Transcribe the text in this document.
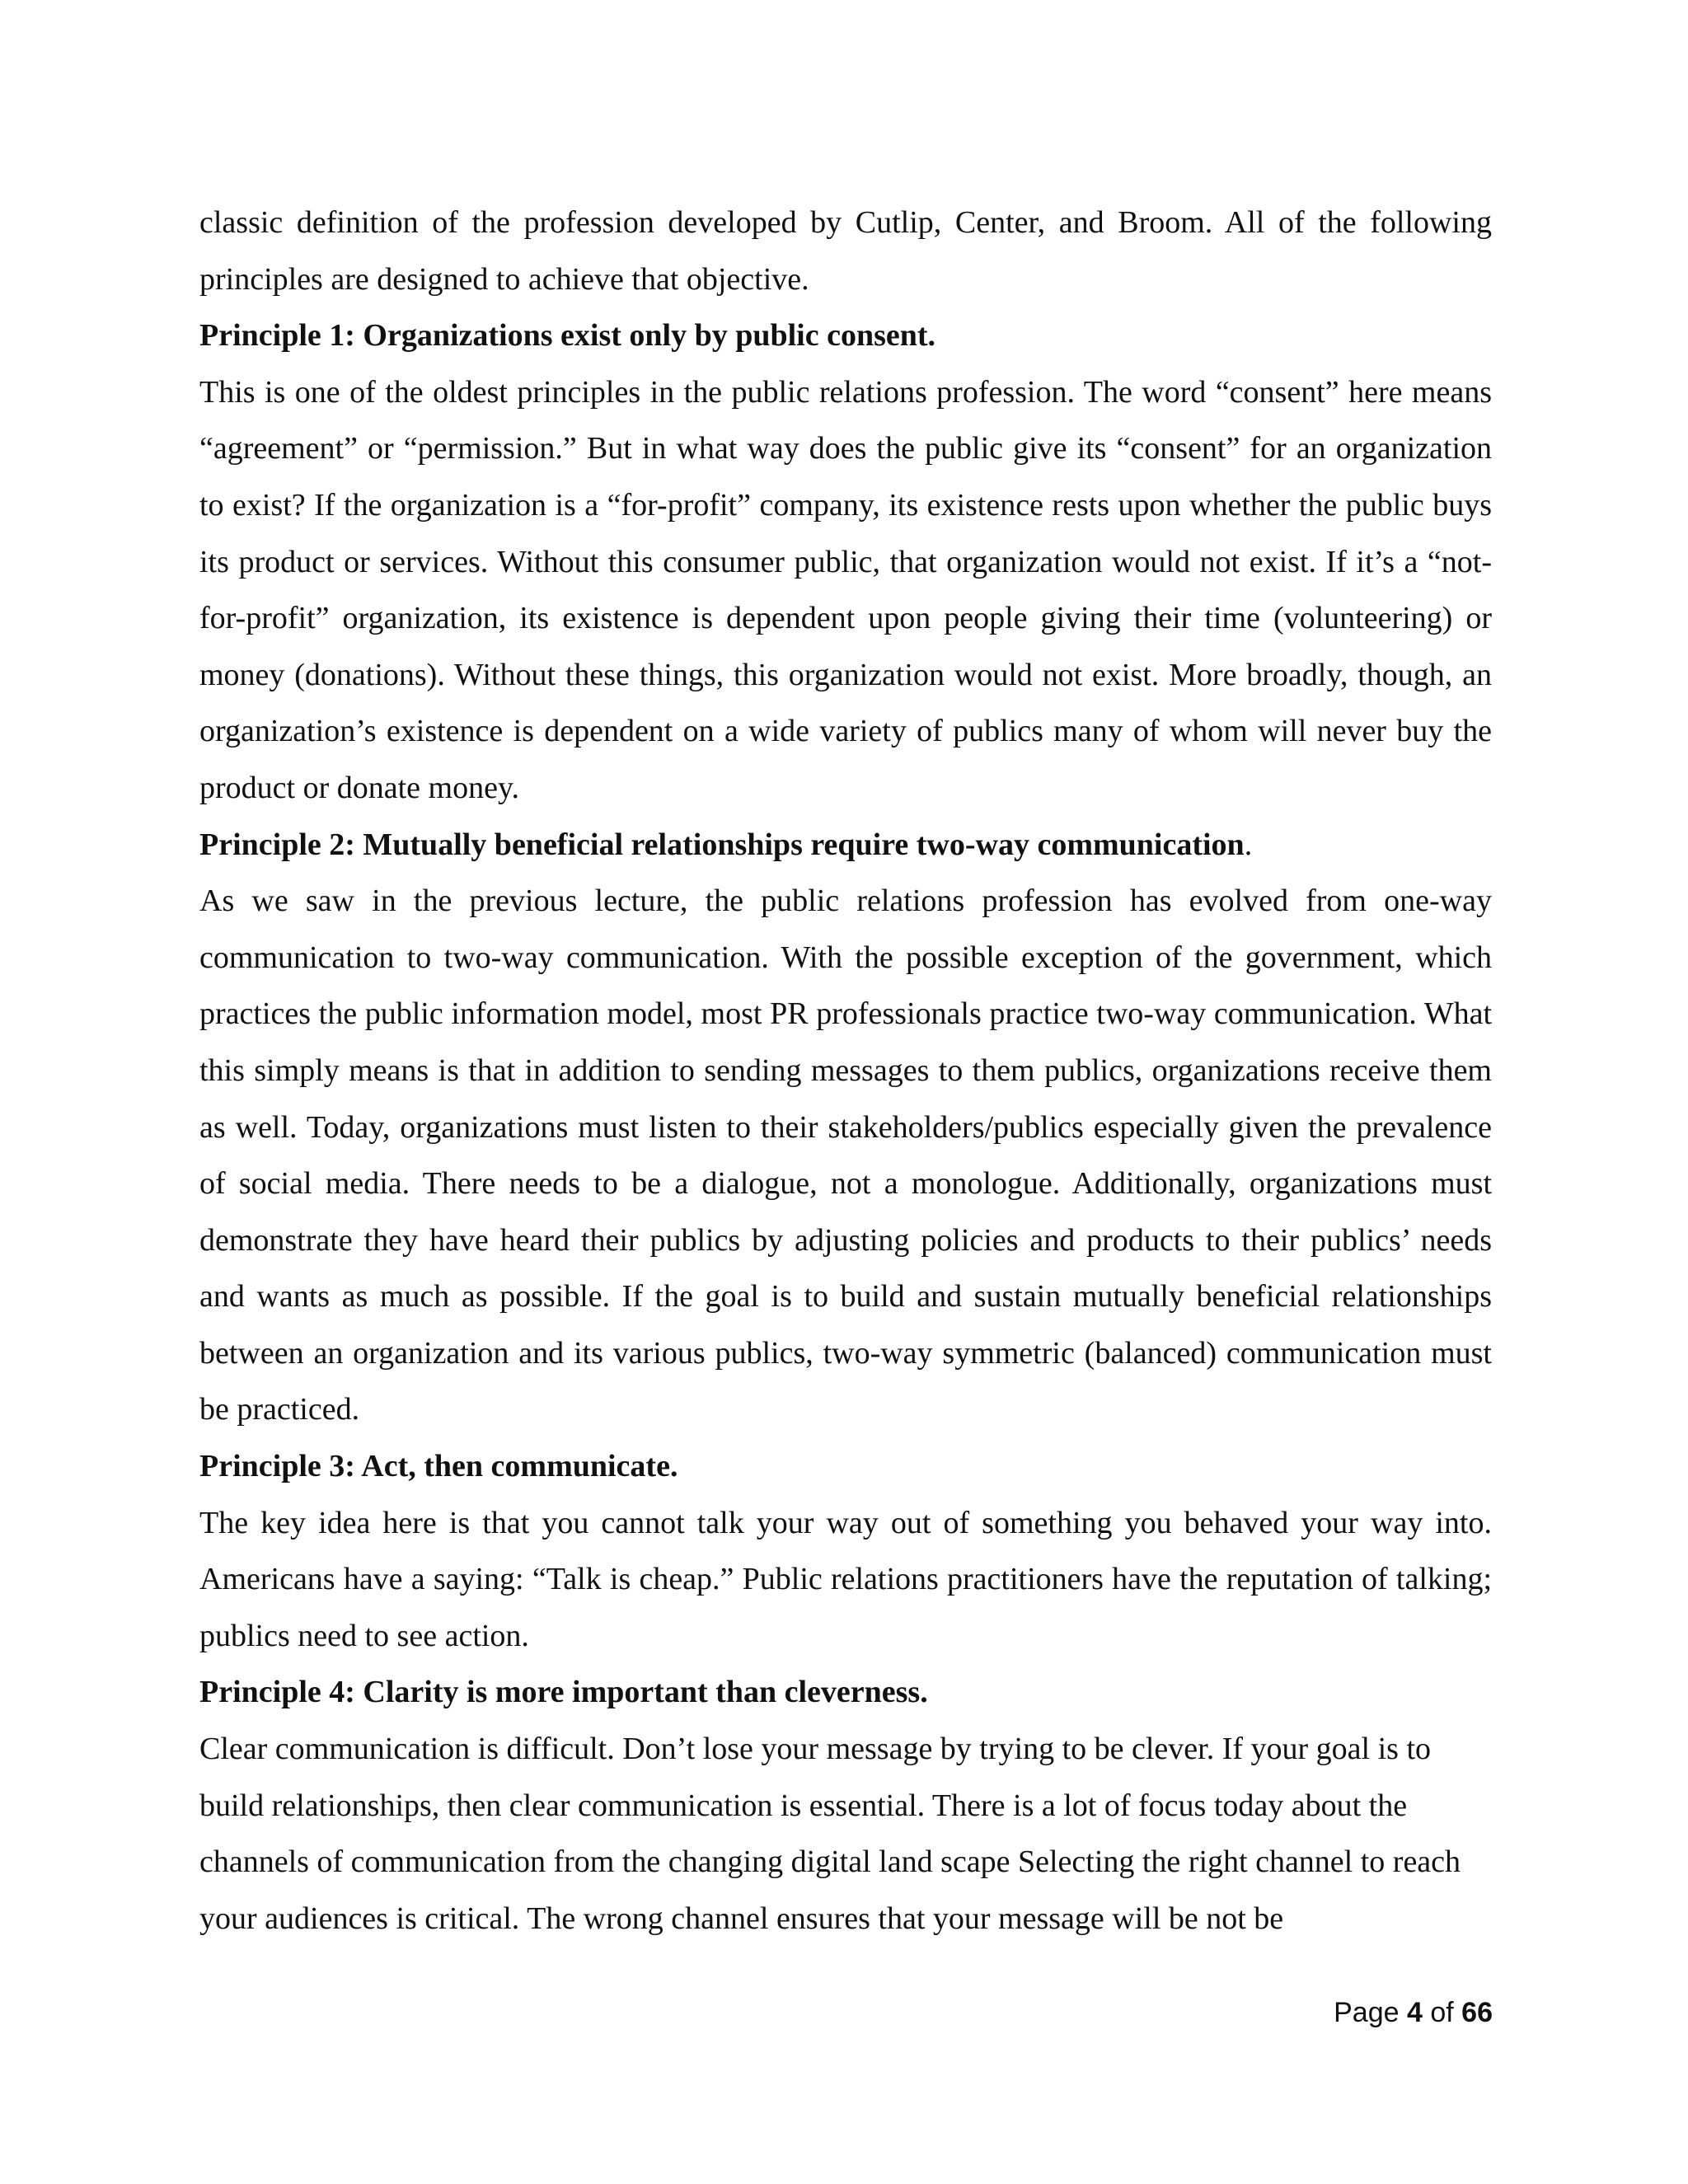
classic definition of the profession developed by Cutlip, Center, and Broom. All of the following principles are designed to achieve that objective.

Principle 1: Organizations exist only by public consent.

This is one of the oldest principles in the public relations profession. The word “consent” here means “agreement” or “permission.” But in what way does the public give its “consent” for an organization to exist? If the organization is a “for-profit” company, its existence rests upon whether the public buys its product or services. Without this consumer public, that organization would not exist. If it’s a “not-for-profit” organization, its existence is dependent upon people giving their time (volunteering) or money (donations). Without these things, this organization would not exist. More broadly, though, an organization’s existence is dependent on a wide variety of publics many of whom will never buy the product or donate money.

Principle 2: Mutually beneficial relationships require two-way communication.

As we saw in the previous lecture, the public relations profession has evolved from one-way communication to two-way communication. With the possible exception of the government, which practices the public information model, most PR professionals practice two-way communication. What this simply means is that in addition to sending messages to them publics, organizations receive them as well. Today, organizations must listen to their stakeholders/publics especially given the prevalence of social media. There needs to be a dialogue, not a monologue. Additionally, organizations must demonstrate they have heard their publics by adjusting policies and products to their publics’ needs and wants as much as possible. If the goal is to build and sustain mutually beneficial relationships between an organization and its various publics, two-way symmetric (balanced) communication must be practiced.

Principle 3: Act, then communicate.

The key idea here is that you cannot talk your way out of something you behaved your way into. Americans have a saying: “Talk is cheap.” Public relations practitioners have the reputation of talking; publics need to see action.

Principle 4: Clarity is more important than cleverness.

Clear communication is difficult. Don’t lose your message by trying to be clever. If your goal is to build relationships, then clear communication is essential. There is a lot of focus today about the channels of communication from the changing digital land scape Selecting the right channel to reach your audiences is critical. The wrong channel ensures that your message will be not be

Page 4 of 66
